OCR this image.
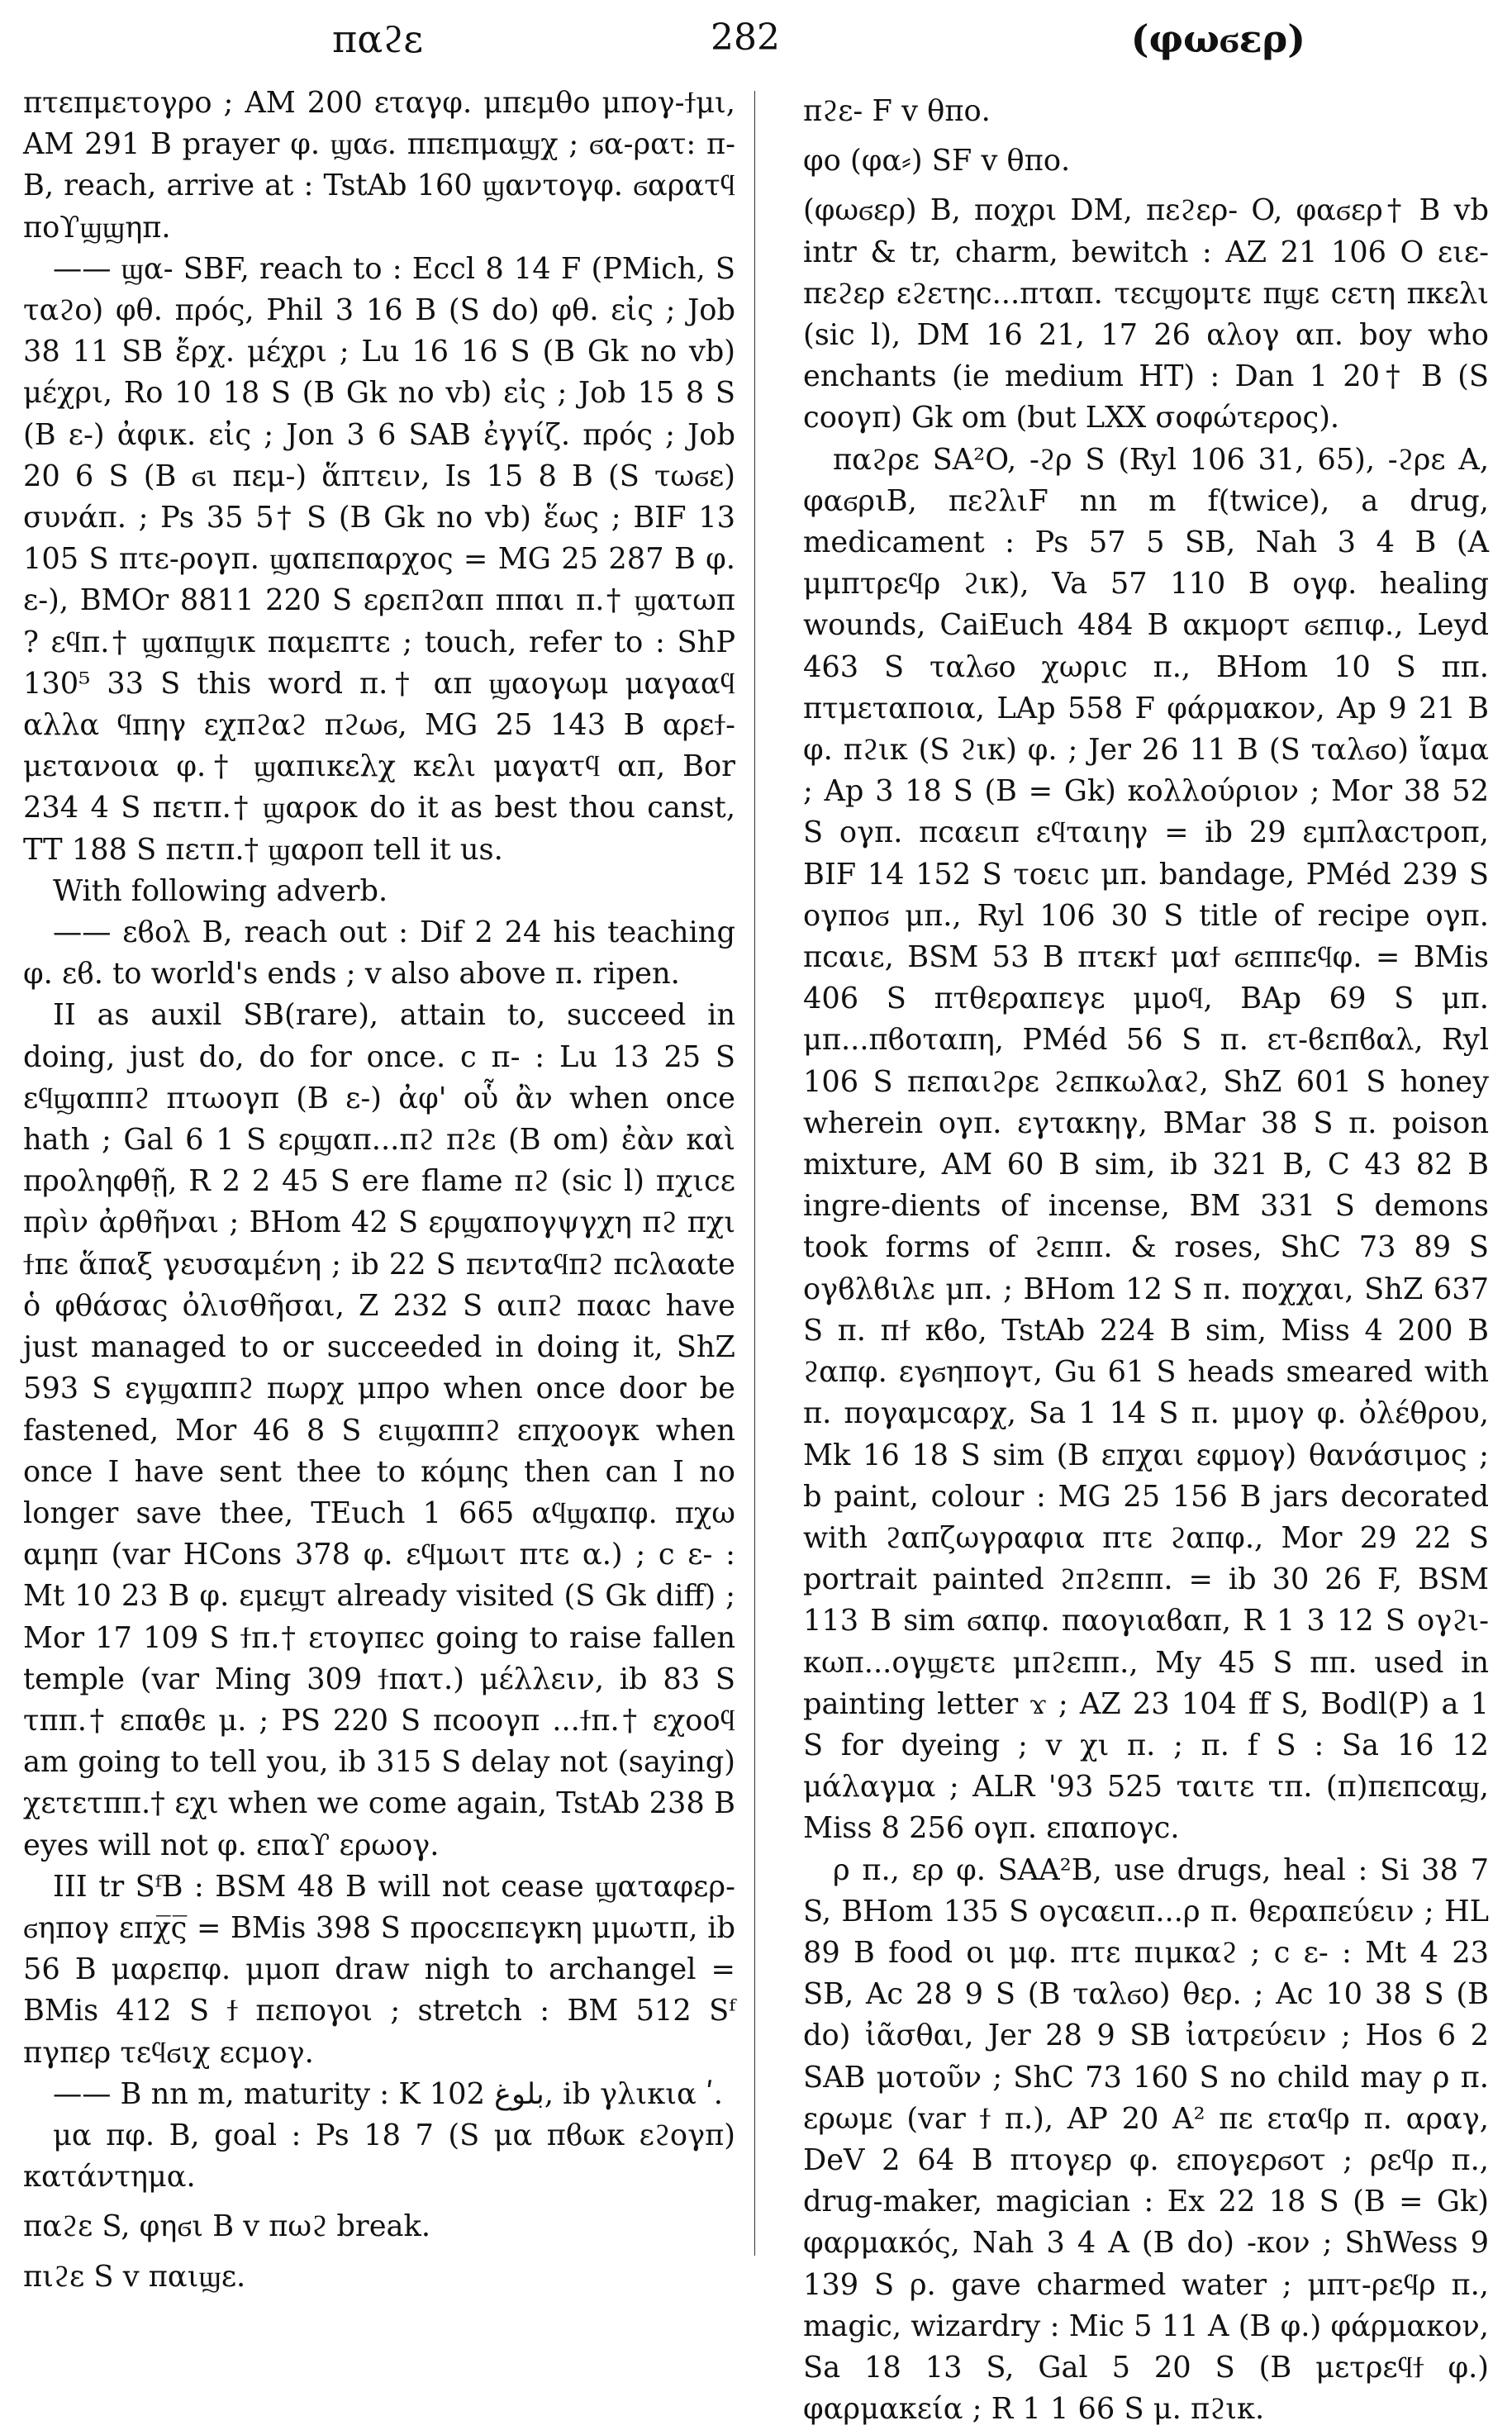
παϩε	282	(φωϭερ)

πτεπμετογρο ; AM 200 εταγφ. μπεμθο μπογ-ϯμι, AM 291 B prayer φ. ϣαϭ. ππεπμαϣχ ; ϭα-ρατ: π- B, reach, arrive at : TstAb 160 ϣαντογφ. ϭαρατϥ ποϒϣϣηπ.

—— ϣα- SBF, reach to : Eccl 8 14 F (PMich, S ταϩο) φθ. πρός, Phil 3 16 B (S do) φθ. εἰς ; Job 38 11 SB ἔρχ. μέχρι ; Lu 16 16 S (B Gk no vb) μέχρι, Ro 10 18 S (B Gk no vb) εἰς ; Job 15 8 S (B ε-) ἀφικ. εἰς ; Jon 3 6 SAB ἐγγίζ. πρός ; Job 20 6 S (B ϭι πεμ-) ἅπτειν, Is 15 8 B (S τωϭε) συνάπ. ; Ps 35 5† S (B Gk no vb) ἕως ; BIF 13 105 S πτε-ρογπ. ϣαπεπαρχος = MG 25 287 B φ. ε-), BMOr 8811 220 S ερεπϩαπ ππαι π.† ϣατωπ ? εϥπ.† ϣαπϣικ παμεπτε ; touch, refer to : ShP 130⁵ 33 S this word π.† απ ϣαογωμ μαγααϥ αλλα ϥπηγ εχπϩαϩ πϩωϭ, MG 25 143 B αρεϯ-μετανοια φ.† ϣαπικελχ κελι μαγατϥ απ, Bor 234 4 S πετπ.† ϣαροκ do it as best thou canst, TT 188 S πετπ.† ϣαροπ tell it us.

With following adverb.

—— εϐολ B, reach out : Dif 2 24 his teaching φ. εϐ. to world's ends ; v also above π. ripen.

II as auxil SB(rare), attain to, succeed in doing, just do, do for once. c π- : Lu 13 25 S εϥϣαππϩ πτωογπ (B ε-) ἀφ' οὗ ἂν when once hath ; Gal 6 1 S ερϣαπ...πϩ πϩε (B om) ἐὰν καὶ προληφθῇ, R 2 2 45 S ere flame πϩ (sic l) πχιcε πρὶν ἀρθῆναι ; BHom 42 S ερϣαπογψγχη πϩ πχι ϯπε ἅπαξ γευσαμένη ; ib 22 S πενταϥπϩ πcλααte ὁ φθάσας ὀλισθῆσαι, Z 232 S αιπϩ πααc have just managed to or succeeded in doing it, ShZ 593 S εγϣαππϩ πωρχ μπρο when once door be fastened, Mor 46 8 S ειϣαππϩ επχοογκ when once I have sent thee to κόμης then can I no longer save thee, TEuch 1 665 αϥϣαπφ. πχω αμηπ (var HCons 378 φ. εϥμωιτ πτε α.) ; c ε- : Mt 10 23 B φ. εμεϣτ already visited (S Gk diff) ; Mor 17 109 S ϯπ.† ετογπεc going to raise fallen temple (var Ming 309 ϯπατ.) μέλλειν, ib 83 S τππ.† επαθε μ. ; PS 220 S πcοογπ ...ϯπ.† εχοοϥ am going to tell you, ib 315 S delay not (saying) χετετππ.† εχι when we come again, TstAb 238 B eyes will not φ. επαϒ ερωογ.

III tr SᶠB : BSM 48 B will not cease ϣαταφερ-ϭηπογ επχ̅ς̅ = BMis 398 S προcεπεγκη μμωτπ, ib 56 B μαρεπφ. μμοπ draw nigh to archangel = BMis 412 S ϯ πεπογοι ; stretch : BM 512 Sᶠ πγπερ τεϥϭιχ εcμογ.

—— B nn m, maturity : K 102 بلوغ, ib γλικια ʹ.

μα πφ. B, goal : Ps 18 7 (S μα πϐωκ εϩογπ) κατάντημα.

παϩε S, φηϭι B v πωϩ break.

πιϩε S v παιϣε.

πϩε- F v θπο.

φο (φα⸗) SF v θπο.

(φωϭερ) B, ποχρι DM, πεϩερ- O, φαϭερ† B vb intr & tr, charm, bewitch : AZ 21 106 O ειε-πεϩερ εϩετηc...πταπ. τεcϣομτε πϣε cετη πκελι (sic l), DM 16 21, 17 26 αλογ απ. boy who enchants (ie medium HT) : Dan 1 20† B (S cοογπ) Gk om (but LXX σοφώτερος).

παϩρε SA²O, -ϩρ S (Ryl 106 31, 65), -ϩρε A, φαϭριB, πεϩλιF nn m f(twice), a drug, medicament : Ps 57 5 SB, Nah 3 4 B (A μμπτρεϥρ ϩικ), Va 57 110 B ογφ. healing wounds, CaiEuch 484 B ακμορτ ϭεπιφ., Leyd 463 S ταλϭο χωριc π., BHom 10 S ππ. πτμεταποια, LAp 558 F φάρμακον, Ap 9 21 B φ. πϩικ (S ϩικ) φ. ; Jer 26 11 B (S ταλϭο) ἴαμα ; Ap 3 18 S (B = Gk) κολλούριον ; Mor 38 52 S ογπ. πcαειπ εϥταιηγ = ib 29 εμπλαcτροπ, BIF 14 152 S τοειc μπ. bandage, PMéd 239 S ογποϭ μπ., Ryl 106 30 S title of recipe ογπ. πcαιε, BSM 53 B πτεκϯ μαϯ ϭεππεϥφ. = BMis 406 S πτθεραπεγε μμοϥ, BAp 69 S μπ. μπ...πϐοταπη, PMéd 56 S π. ετ-ϐεπϐαλ, Ryl 106 S πεπαιϩρε ϩεπκωλαϩ, ShZ 601 S honey wherein ογπ. εγτακηγ, BMar 38 S π. poison mixture, AM 60 B sim, ib 321 B, C 43 82 B ingre-dients of incense, BM 331 S demons took forms of ϩεππ. & roses, ShC 73 89 S ογϐλϐιλε μπ. ; BHom 12 S π. ποχχαι, ShZ 637 S π. πϯ κϐο, TstAb 224 B sim, Miss 4 200 B ϩαπφ. εγϭηπογτ, Gu 61 S heads smeared with π. πογαμcαρχ, Sa 1 14 S π. μμογ φ. ὀλέθρου, Mk 16 18 S sim (B επχαι εφμογ) θανάσιμος ; b paint, colour : MG 25 156 B jars decorated with ϩαπζωγραφια πτε ϩαπφ., Mor 29 22 S portrait painted ϩπϩεππ. = ib 30 26 F, BSM 113 B sim ϭαπφ. παογιαϐαπ, R 1 3 12 S ογϩι-κωπ...ογϣετε μπϩεππ., My 45 S ππ. used in painting letter ϫ ; AZ 23 104 ff S, Bodl(P) a 1 S for dyeing ; v χι π. ; π. f S : Sa 16 12 μάλαγμα ; ALR '93 525 ταιτε τπ. (π)πεπcαϣ, Miss 8 256 ογπ. επαπογc.

ρ π., ερ φ. SAA²B, use drugs, heal : Si 38 7 S, BHom 135 S ογcαειπ...ρ π. θεραπεύειν ; HL 89 B food οι μφ. πτε πιμκαϩ ; c ε- : Mt 4 23 SB, Ac 28 9 S (B ταλϭο) θερ. ; Ac 10 38 S (B do) ἰᾶσθαι, Jer 28 9 SB ἰατρεύειν ; Hos 6 2 SAB μοτοῦν ; ShC 73 160 S no child may ρ π. ερωμε (var ϯ π.), AP 20 A² πε εταϥρ π. αραγ, DeV 2 64 B πτογερ φ. επογερϭοτ ; ρεϥρ π., drug-maker, magician : Ex 22 18 S (B = Gk) φαρμακός, Nah 3 4 A (B do) -κον ; ShWess 9 139 S ρ. gave charmed water ; μπτ-ρεϥρ π., magic, wizardry : Mic 5 11 A (B φ.) φάρμακον, Sa 18 13 S, Gal 5 20 S (B μετρεϥϯ φ.) φαρμακεία ; R 1 1 66 S μ. πϩικ.
